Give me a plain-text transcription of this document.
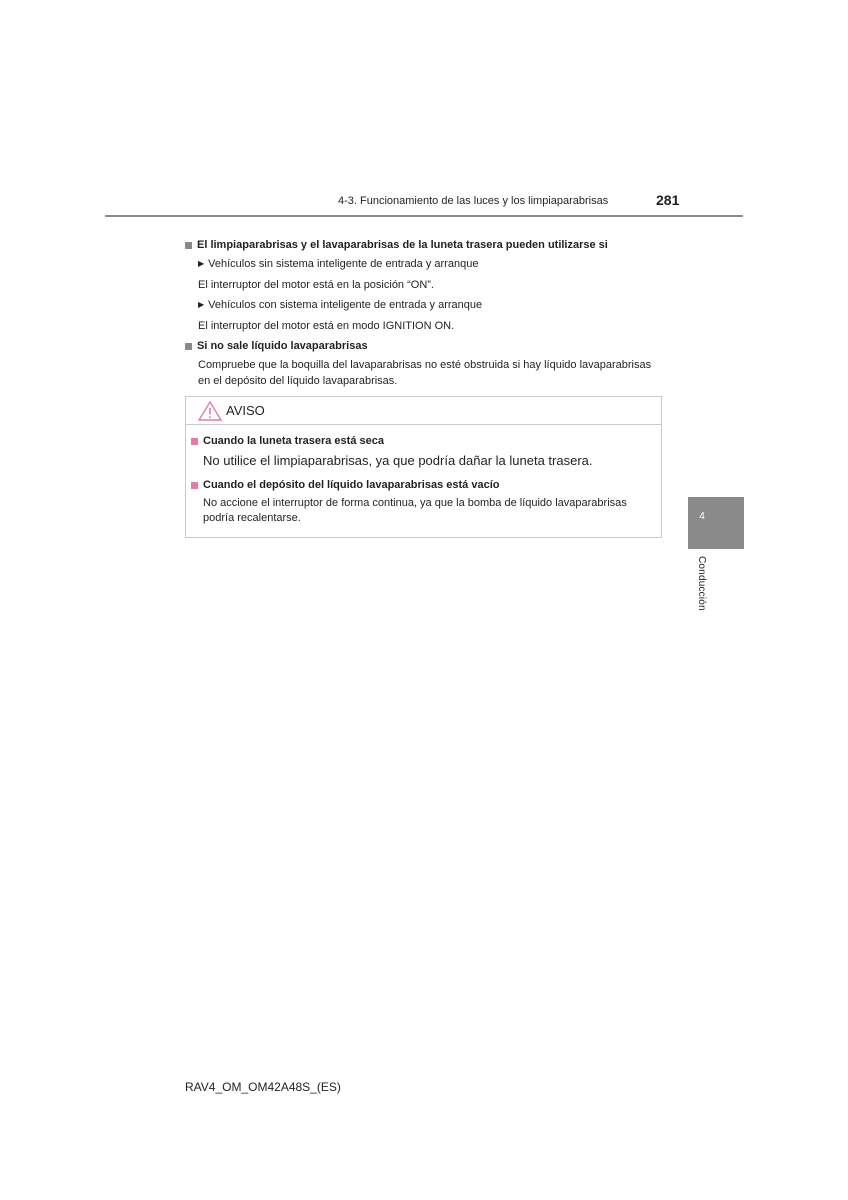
4-3. Funcionamiento de las luces y los limpiaparabrisas	281
El limpiaparabrisas y el lavaparabrisas de la luneta trasera pueden utilizarse si
▶ Vehículos sin sistema inteligente de entrada y arranque
El interruptor del motor está en la posición “ON”.
▶ Vehículos con sistema inteligente de entrada y arranque
El interruptor del motor está en modo IGNITION ON.
Si no sale líquido lavaparabrisas
Compruebe que la boquilla del lavaparabrisas no esté obstruida si hay líquido lavaparabrisas en el depósito del líquido lavaparabrisas.
AVISO
Cuando la luneta trasera está seca
No utilice el limpiaparabrisas, ya que podría dañar la luneta trasera.
Cuando el depósito del líquido lavaparabrisas está vacío
No accione el interruptor de forma continua, ya que la bomba de líquido lavaparabrisas podría recalentarse.	4
Conducción
RAV4_OM_OM42A48S_(ES)
